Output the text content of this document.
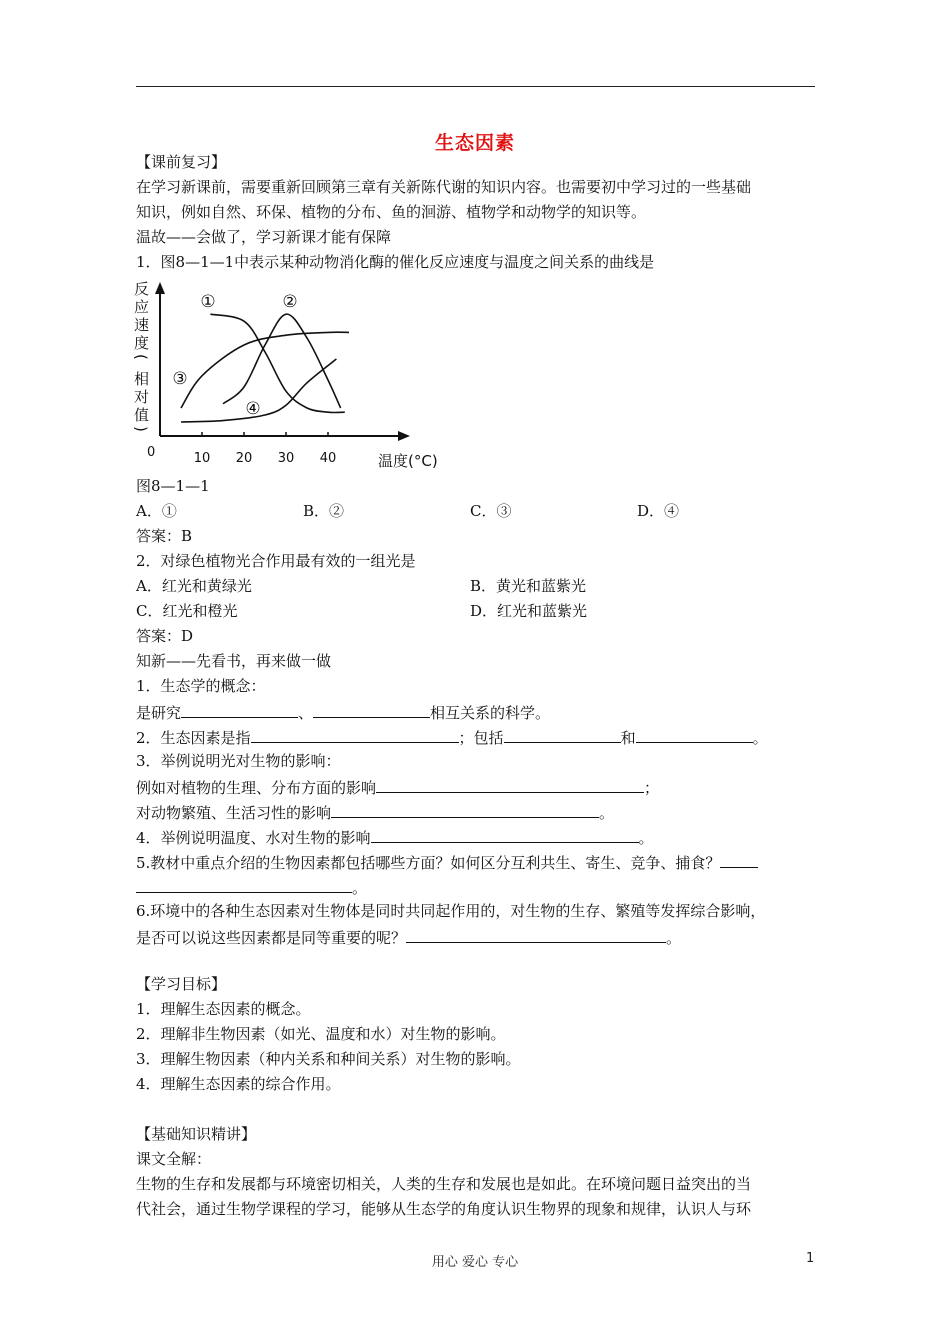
生态因素
【课前复习】
在学习新课前，需要重新回顾第三章有关新陈代谢的知识内容。也需要初中学习过的一些基础
知识，例如自然、环保、植物的分布、鱼的洄游、植物学和动物学的知识等。
温故——会做了，学习新课才能有保障
1．图8—1—1中表示某种动物消化酶的催化反应速度与温度之间关系的曲线是
反
应
速
度
(
相
对
值
)
0	10 20 30 40	温度(°C)
①	②
③
④
图8—1—1
A．①	B．②	C．③	D．④
答案：B
2．对绿色植物光合作用最有效的一组光是
A．红光和黄绿光	B．黄光和蓝紫光
C．红光和橙光	D．红光和蓝紫光
答案：D
知新——先看书，再来做一做
1．生态学的概念：
是研究	、	相互关系的科学。
2．生态因素是指	；包括	和	。
3．举例说明光对生物的影响：
例如对植物的生理、分布方面的影响	；
对动物繁殖、生活习性的影响	。
4．举例说明温度、水对生物的影响	。
5.教材中重点介绍的生物因素都包括哪些方面？如何区分互利共生、寄生、竞争、捕食？
。
6.环境中的各种生态因素对生物体是同时共同起作用的，对生物的生存、繁殖等发挥综合影响，
是否可以说这些因素都是同等重要的呢？	。
【学习目标】
1．理解生态因素的概念。
2．理解非生物因素（如光、温度和水）对生物的影响。
3．理解生物因素（种内关系和种间关系）对生物的影响。
4．理解生态因素的综合作用。
【基础知识精讲】
课文全解：
生物的生存和发展都与环境密切相关，人类的生存和发展也是如此。在环境问题日益突出的当
代社会，通过生物学课程的学习，能够从生态学的角度认识生物界的现象和规律，认识人与环
用心 爱心 专心	1
